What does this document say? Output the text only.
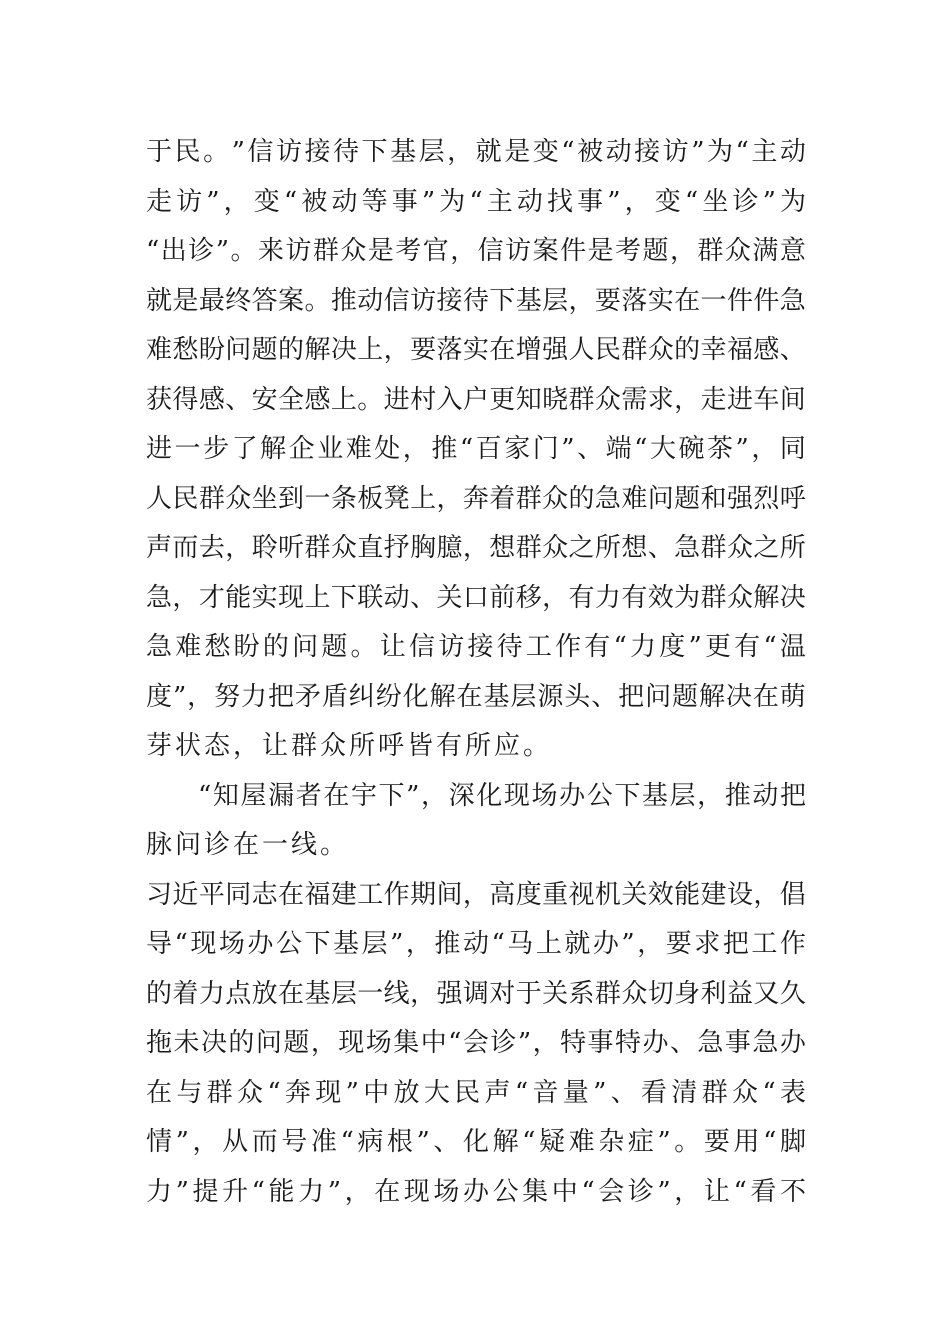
于 民 。 ” 信 访 接 待 下 基 层 ， 就 是 变 “ 被 动 接 访 ” 为 “ 主 动
走 访 ” ， 变 “ 被 动 等 事 ” 为 “ 主 动 找 事 ” ， 变 “ 坐 诊 ” 为
“ 出 诊 ” 。 来 访 群 众 是 考 官 ， 信 访 案 件 是 考 题 ， 群 众 满 意
就 是 最 终 答 案 。 推 动 信 访 接 待 下 基 层 ， 要 落 实 在 一 件 件 急
难 愁 盼 问 题 的 解 决 上 ， 要 落 实 在 增 强 人 民 群 众 的 幸 福 感 、
获 得 感 、 安 全 感 上 。 进 村 入 户 更 知 晓 群 众 需 求 ， 走 进 车 间
进 一 步 了 解 企 业 难 处 ， 推 “ 百 家 门 ” 、 端 “ 大 碗 茶 ” ， 同
人 民 群 众 坐 到 一 条 板 凳 上 ， 奔 着 群 众 的 急 难 问 题 和 强 烈 呼
声 而 去 ， 聆 听 群 众 直 抒 胸 臆 ， 想 群 众 之 所 想 、 急 群 众 之 所
急 ， 才 能 实 现 上 下 联 动 、 关 口 前 移 ， 有 力 有 效 为 群 众 解 决
急 难 愁 盼 的 问 题 。 让 信 访 接 待 工 作 有 “ 力 度 ” 更 有 “ 温
度 ” ， 努 力 把 矛 盾 纠 纷 化 解 在 基 层 源 头 、 把 问 题 解 决 在 萌
芽状态，让群众所呼皆有所应。
“ 知 屋 漏 者 在 宇 下 ” ， 深 化 现 场 办 公 下 基 层 ， 推 动 把
脉问诊在一线。
习 近 平 同 志 在 福 建 工 作 期 间 ， 高 度 重 视 机 关 效 能 建 设 ， 倡
导 “ 现 场 办 公 下 基 层 ” ， 推 动 “ 马 上 就 办 ” ， 要 求 把 工 作
的 着 力 点 放 在 基 层 一 线 ， 强 调 对 于 关 系 群 众 切 身 利 益 又 久
拖 未 决 的 问 题 ， 现 场 集 中 “ 会 诊 ” ， 特 事 特 办 、 急 事 急 办
在 与 群 众 “ 奔 现 ” 中 放 大 民 声 “ 音 量 ” 、 看 清 群 众 “ 表
情 ” ， 从 而 号 准 “ 病 根 ” 、 化 解 “ 疑 难 杂 症 ” 。 要 用 “ 脚
力 ” 提 升 “ 能 力 ” ， 在 现 场 办 公 集 中 “ 会 诊 ” ， 让 “ 看 不
